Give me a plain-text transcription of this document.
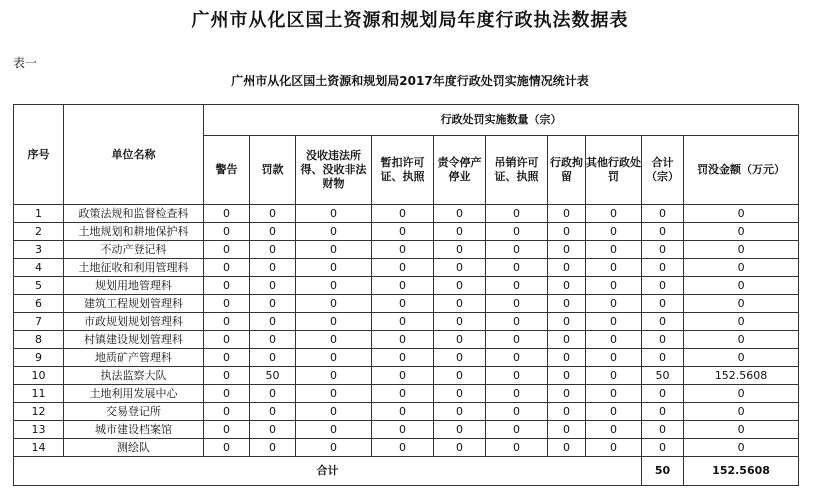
广州市从化区国土资源和规划局年度行政执法数据表
表一
广州市从化区国土资源和规划局2017年度行政处罚实施情况统计表
序号	单位名称	行政处罚实施数量（宗）									
		警告	罚款	没收违法所得、没收非法财物	暂扣许可证、执照	责令停产停业	吊销许可证、执照	行政拘留	其他行政处罚	合计（宗）	罚没金额（万元）
1	政策法规和监督检查科	0	0	0	0	0	0	0	0	0	0
2	土地规划和耕地保护科	0	0	0	0	0	0	0	0	0	0
3	不动产登记科	0	0	0	0	0	0	0	0	0	0
4	土地征收和利用管理科	0	0	0	0	0	0	0	0	0	0
5	规划用地管理科	0	0	0	0	0	0	0	0	0	0
6	建筑工程规划管理科	0	0	0	0	0	0	0	0	0	0
7	市政规划规划管理科	0	0	0	0	0	0	0	0	0	0
8	村镇建设规划管理科	0	0	0	0	0	0	0	0	0	0
9	地质矿产管理科	0	0	0	0	0	0	0	0	0	0
10	执法监察大队	0	50	0	0	0	0	0	0	50	152.5608
11	土地利用发展中心	0	0	0	0	0	0	0	0	0	0
12	交易登记所	0	0	0	0	0	0	0	0	0	0
13	城市建设档案馆	0	0	0	0	0	0	0	0	0	0
14	测绘队	0	0	0	0	0	0	0	0	0	0
合计										50	152.5608
